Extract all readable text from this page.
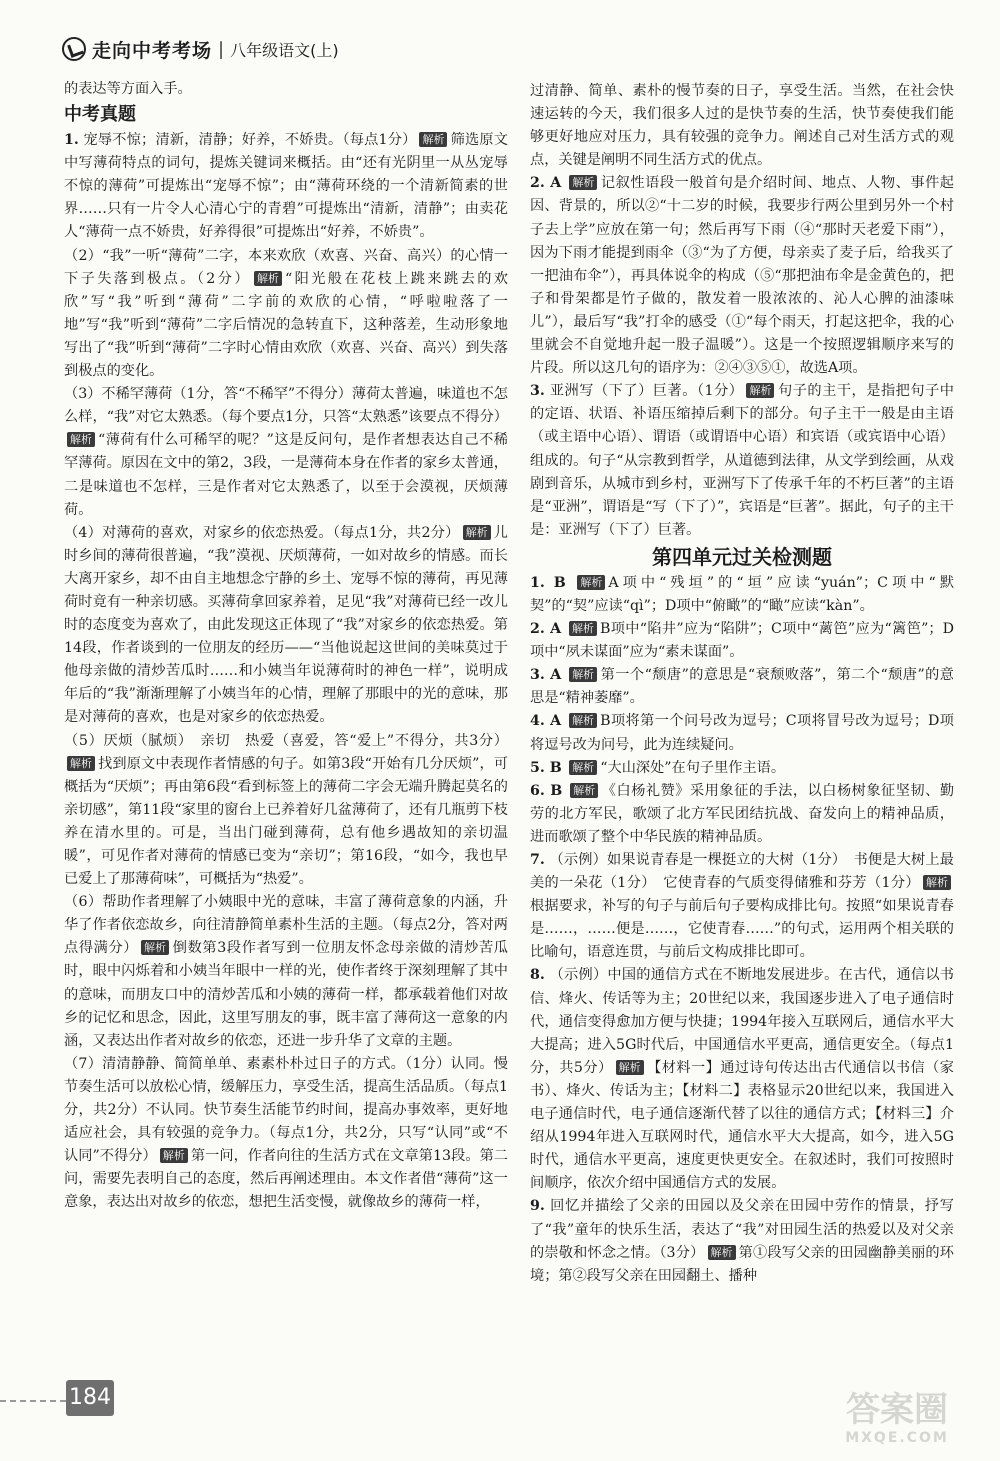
走向中考考场 | 八年级语文(上)

的表达等方面入手。

中考真题

1. 宠辱不惊；清新，清静；好养，不娇贵。（每点1分） 解析 筛选原文中写薄荷特点的词句，提炼关键词来概括。由“还有光阴里一从丛宠辱不惊的薄荷”可提炼出“宠辱不惊”；由“薄荷环绕的一个清新简素的世界……只有一片令人心清心宁的青碧”可提炼出“清新，清静”；由卖花人“薄荷一点不娇贵，好养得很”可提炼出“好养，不娇贵”。

（2）“我”一听“薄荷”二字，本来欢欣（欢喜、兴奋、高兴）的心情一下子失落到极点。（2分） 解析 “阳光般在花枝上跳来跳去的欢欣”写“我”听到“薄荷”二字前的欢欣的心情，“呼啦啦落了一地”写“我”听到“薄荷”二字后情况的急转直下，这种落差，生动形象地写出了“我”听到“薄荷”二字时心情由欢欣（欢喜、兴奋、高兴）到失落到极点的变化。

（3）不稀罕薄荷（1分，答“不稀罕”不得分）薄荷太普遍，味道也不怎么样，“我”对它太熟悉。（每个要点1分，只答“太熟悉”该要点不得分）解析 “薄荷有什么可稀罕的呢？”这是反问句，是作者想表达自己不稀罕薄荷。原因在文中的第2，3段，一是薄荷本身在作者的家乡太普通，二是味道也不怎样，三是作者对它太熟悉了，以至于会漠视，厌烦薄荷。

（4）对薄荷的喜欢，对家乡的依恋热爱。（每点1分，共2分） 解析 儿时乡间的薄荷很普遍，“我”漠视、厌烦薄荷，一如对故乡的情感。而长大离开家乡，却不由自主地想念宁静的乡土、宠辱不惊的薄荷，再见薄荷时竟有一种亲切感。买薄荷拿回家养着，足见“我”对薄荷已经一改儿时的态度变为喜欢了，由此发现这正体现了“我”对家乡的依恋热爱。第14段，作者谈到的一位朋友的经历——“当他说起这世间的美味莫过于他母亲做的清炒苦瓜时……和小姨当年说薄荷时的神色一样”，说明成年后的“我”渐渐理解了小姨当年的心情，理解了那眼中的光的意味，那是对薄荷的喜欢，也是对家乡的依恋热爱。

（5）厌烦（腻烦）　亲切　热爱（喜爱，答“爱上”不得分，共3分）解析 找到原文中表现作者情感的句子。如第3段“开始有几分厌烦”，可概括为“厌烦”；再由第6段“看到标签上的薄荷二字会无端升腾起莫名的亲切感”，第11段“家里的窗台上已养着好几盆薄荷了，还有几瓶剪下枝养在清水里的。可是，当出门碰到薄荷，总有他乡遇故知的亲切温暖”，可见作者对薄荷的情感已变为“亲切”；第16段，“如今，我也早已爱上了那薄荷味”，可概括为“热爱”。

（6）帮助作者理解了小姨眼中光的意味，丰富了薄荷意象的内涵，升华了作者依恋故乡，向往清静简单素朴生活的主题。（每点2分，答对两点得满分） 解析 倒数第3段作者写到一位朋友怀念母亲做的清炒苦瓜时，眼中闪烁着和小姨当年眼中一样的光，使作者终于深刻理解了其中的意味，而朋友口中的清炒苦瓜和小姨的薄荷一样，都承载着他们对故乡的记忆和思念，因此，这里写朋友的事，既丰富了薄荷这一意象的内涵，又表达出作者对故乡的依恋，还进一步升华了文章的主题。

（7）清清静静、简简单单、素素朴朴过日子的方式。（1分）认同。慢节奏生活可以放松心情，缓解压力，享受生活，提高生活品质。（每点1分，共2分）不认同。快节奏生活能节约时间，提高办事效率，更好地适应社会，具有较强的竞争力。（每点1分，共2分，只写“认同”或“不认同”不得分） 解析 第一问，作者向往的生活方式在文章第13段。第二问，需要先表明自己的态度，然后再阐述理由。本文作者借“薄荷”这一意象，表达出对故乡的依恋，想把生活变慢，就像故乡的薄荷一样，

过清静、简单、素朴的慢节奏的日子，享受生活。当然，在社会快速运转的今天，我们很多人过的是快节奏的生活，快节奏使我们能够更好地应对压力，具有较强的竞争力。阐述自己对生活方式的观点，关键是阐明不同生活方式的优点。

2. A 解析 记叙性语段一般首句是介绍时间、地点、人物、事件起因、背景的，所以②“十二岁的时候，我要步行两公里到另外一个村子去上学”应放在第一句；然后再写下雨（④“那时天老爱下雨”），因为下雨才能提到雨伞（③“为了方便，母亲卖了麦子后，给我买了一把油布伞”），再具体说伞的构成（⑤“那把油布伞是金黄色的，把子和骨架都是竹子做的，散发着一股浓浓的、沁人心脾的油漆味儿”），最后写“我”打伞的感受（①“每个雨天，打起这把伞，我的心里就会不自觉地升起一股子温暖”）。这是一个按照逻辑顺序来写的片段。所以这几句的语序为：②④③⑤①，故选A项。

3. 亚洲写（下了）巨著。（1分） 解析 句子的主干，是指把句子中的定语、状语、补语压缩掉后剩下的部分。句子主干一般是由主语（或主语中心语）、谓语（或谓语中心语）和宾语（或宾语中心语）组成的。句子“从宗教到哲学，从道德到法律，从文学到绘画，从戏剧到音乐，从城市到乡村，亚洲写下了传承千年的不朽巨著”的主语是“亚洲”，谓语是“写（下了）”，宾语是“巨著”。据此，句子的主干是：亚洲写（下了）巨著。

第四单元过关检测题

1. B 解析 A项中“残垣”的“垣”应读“yuán”；C项中“默契”的“契”应读“qì”；D项中“俯瞰”的“瞰”应读“kàn”。

2. A 解析 B项中“陷井”应为“陷阱”；C项中“蓠笆”应为“篱笆”；D项中“夙未谋面”应为“素未谋面”。

3. A 解析 第一个“颓唐”的意思是“衰颓败落”，第二个“颓唐”的意思是“精神萎靡”。

4. A 解析 B项将第一个问号改为逗号；C项将冒号改为逗号；D项将逗号改为问号，此为连续疑问。

5. B 解析 “大山深处”在句子里作主语。

6. B 解析 《白杨礼赞》采用象征的手法，以白杨树象征坚韧、勤劳的北方军民，歌颂了北方军民团结抗战、奋发向上的精神品质，进而歌颂了整个中华民族的精神品质。

7. （示例）如果说青春是一棵挺立的大树（1分）　书便是大树上最美的一朵花（1分）　它使青春的气质变得储雅和芬芳（1分） 解析根据要求，补写的句子与前后句子要构成排比句。按照“如果说青春是……，……便是……，它使青春……”的句式，运用两个相关联的比喻句，语意连贯，与前后文构成排比即可。

8. （示例）中国的通信方式在不断地发展进步。在古代，通信以书信、烽火、传话等为主；20世纪以来，我国逐步进入了电子通信时代，通信变得愈加方便与快捷；1994年接入互联网后，通信水平大大提高；进入5G时代后，中国通信水平更高，通信更安全。（每点1分，共5分） 解析 【材料一】通过诗句传达出古代通信以书信（家书）、烽火、传话为主；【材料二】表格显示20世纪以来，我国进入电子通信时代，电子通信逐渐代替了以往的通信方式；【材料三】介绍从1994年进入互联网时代，通信水平大大提高，如今，进入5G时代，通信水平更高，速度更快更安全。在叙述时，我们可按照时间顺序，依次介绍中国通信方式的发展。

9. 回忆并描绘了父亲的田园以及父亲在田园中劳作的情景，抒写了“我”童年的快乐生活，表达了“我”对田园生活的热爱以及对父亲的崇敬和怀念之情。（3分） 解析 第①段写父亲的田园幽静美丽的环境；第②段写父亲在田园翻土、播种

184	答案圈
MXQE.COM
